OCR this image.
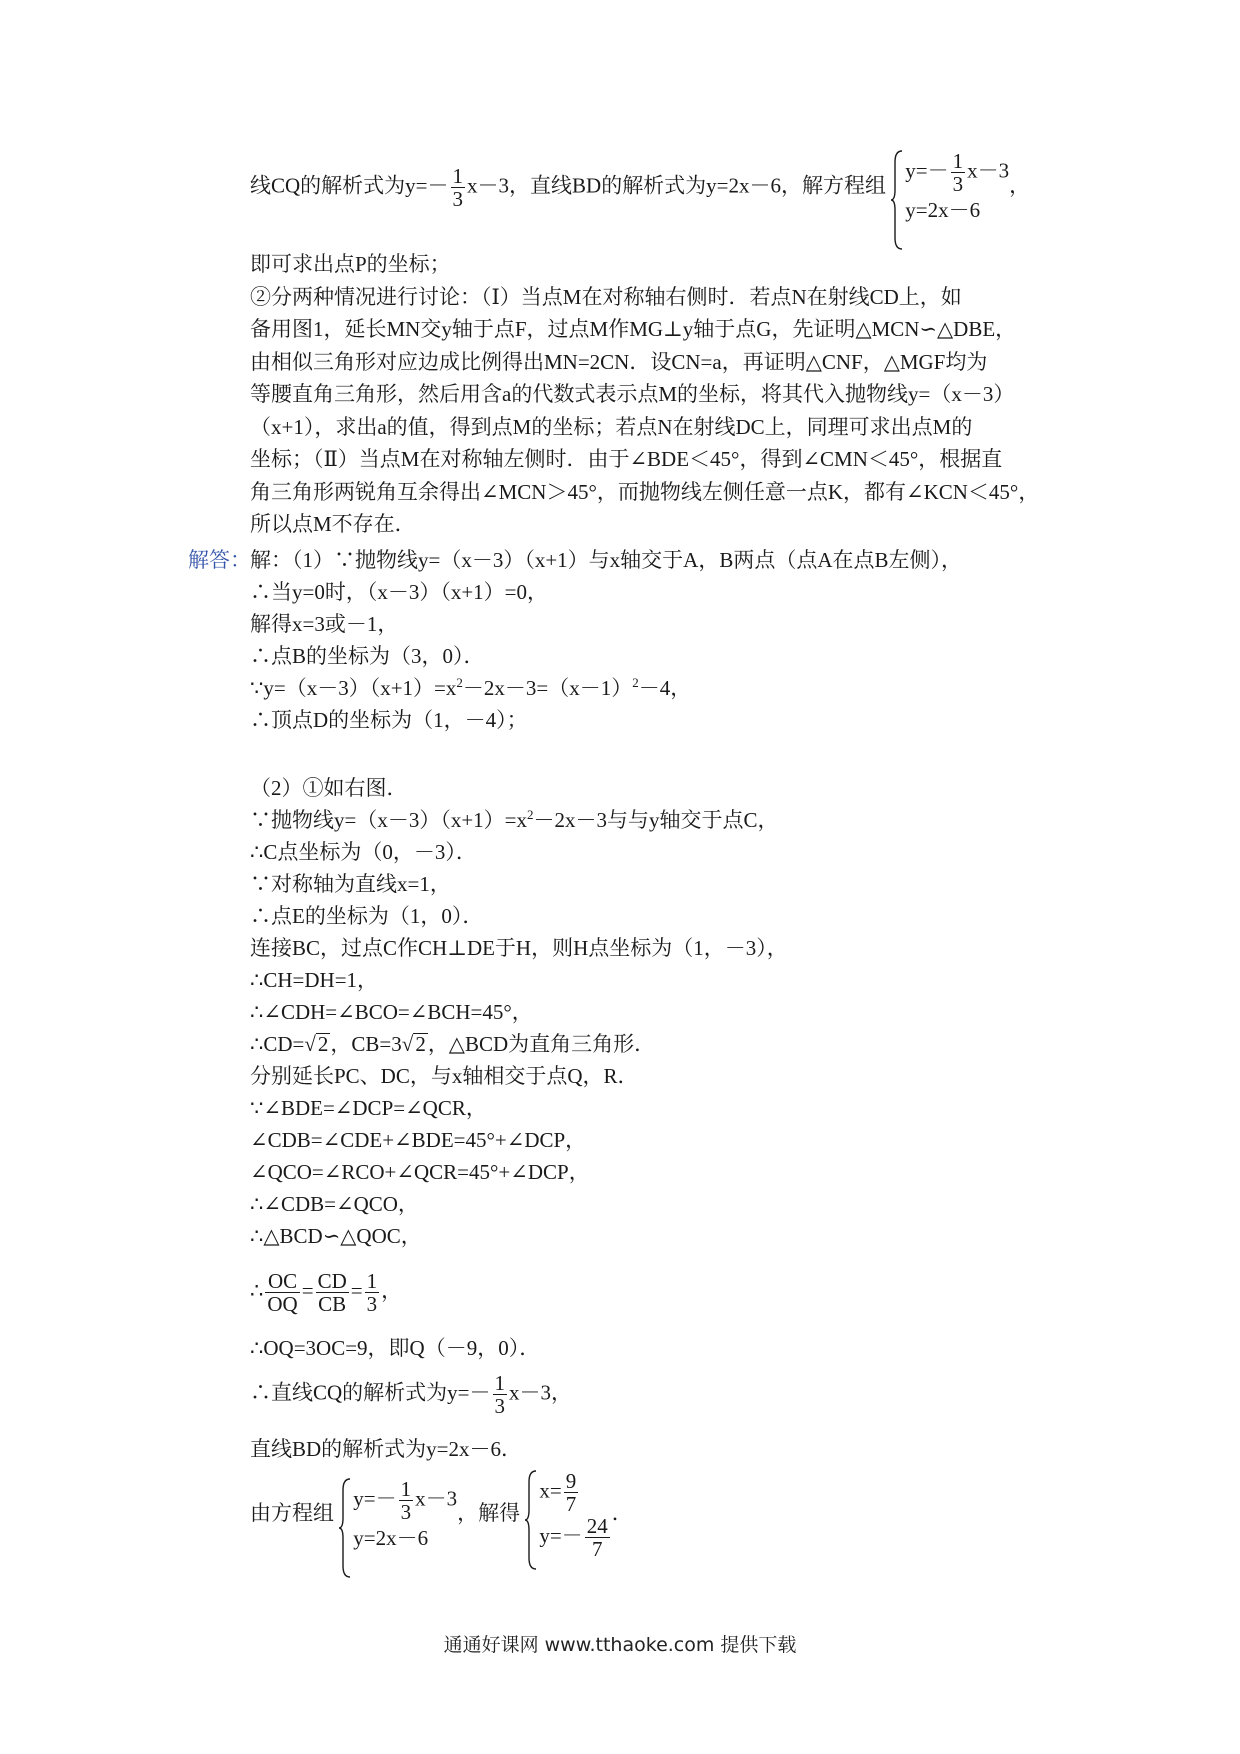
线CQ的解析式为$y=- \frac{1}{3} x-3$，直线BD的解析式为y=2x－6，解方程组
$y=- \frac{1}{3} x-3$
y=2x－6
，
即可求出点P的坐标；
②分两种情况进行讨论：（Ⅰ）当点M在对称轴右侧时．若点N在射线CD上，如
备用图1，延长MN交y轴于点F，过点M作MG⊥y轴于点G，先证明△MCN∽△DBE，
由相似三角形对应边成比例得出MN=2CN．设CN=a，再证明△CNF，△MGF均为
等腰直角三角形，然后用含a的代数式表示点M的坐标，将其代入抛物线y=（x－3）
（x+1），求出a的值，得到点M的坐标；若点N在射线DC上，同理可求出点M的
坐标；（Ⅱ）当点M在对称轴左侧时．由于∠BDE＜45°，得到∠CMN＜45°，根据直
角三角形两锐角互余得出∠MCN＞45°，而抛物线左侧任意一点K，都有∠KCN＜45°，
所以点M不存在．
解答： 解：（1）∵抛物线y=（x－3）（x+1）与x轴交于A，B两点（点A在点B左侧），
∴当y=0时，（x－3）（x+1）=0，
解得x=3或－1，
∴点B的坐标为（3，0）．
$\because y=(x-3)(x+1)=x^2-2x-3=(x-1)^2-4$，
∴顶点D的坐标为（1，－4）；
（2）①如右图．
∵抛物线$y=(x-3)(x+1)=x^2-2x-3$与与y轴交于点C，
∴C点坐标为（0，－3）．
∵对称轴为直线x=1，
∴点E的坐标为（1，0）．
连接BC，过点C作CH⊥DE于H，则H点坐标为（1，－3），
∴CH=DH=1，
∴∠CDH=∠BCO=∠BCH=45°，
∴CD=√2，CB=3√2，△BCD为直角三角形．
分别延长PC、DC，与x轴相交于点Q，R．
∵∠BDE=∠DCP=∠QCR，
∠CDB=∠CDE+∠BDE=45°+∠DCP，
∠QCO=∠RCO+∠QCR=45°+∠DCP，
∴∠CDB=∠QCO，
∴△BCD∽△QOC，
∴ $\frac{OC}{OQ} = \frac{CD}{CB} = \frac{1}{3}$ ，
∴OQ=3OC=9，即Q（－9，0）．
∴直线CQ的解析式为$y=- \frac{1}{3} x-3$，
直线BD的解析式为y=2x－6．
由方程组
$y=- \frac{1}{3} x-3$
y=2x－6
，解得
$x= \frac{9}{7}$
$y=- \frac{24}{7}$
．
通通好课网 www.tthaoke.com 提供下载
